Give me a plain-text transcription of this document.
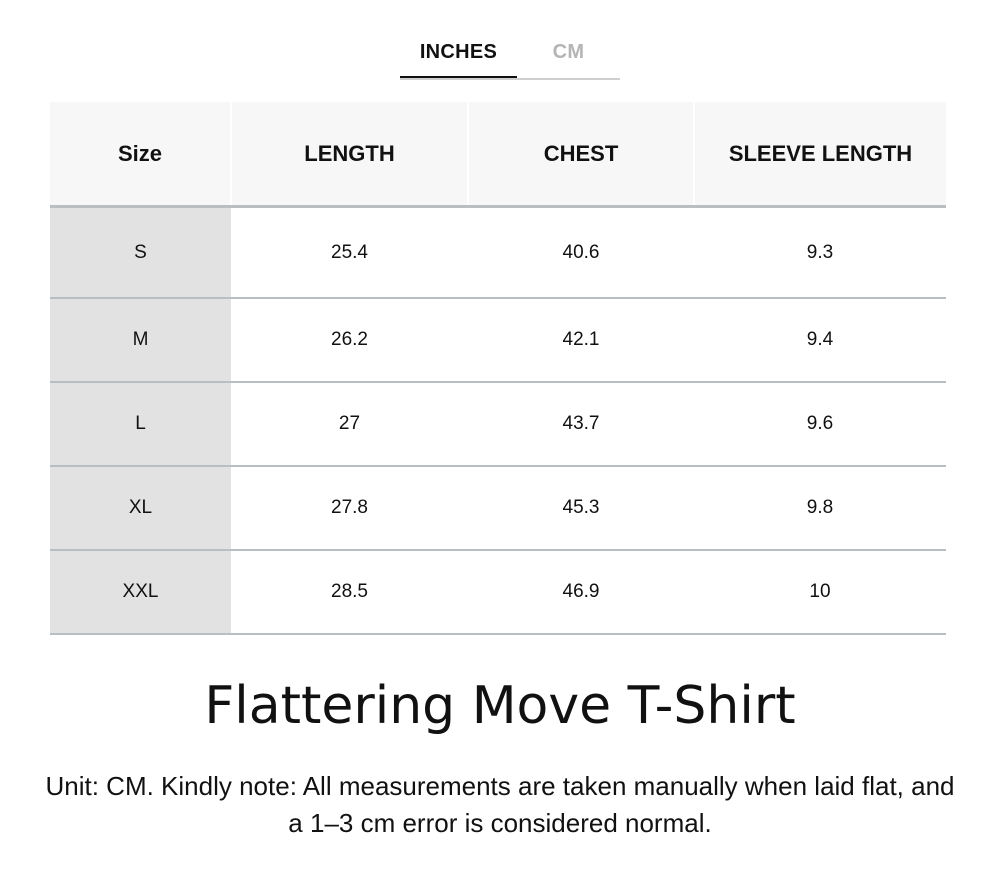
INCHES	CM
Size	LENGTH	CHEST	SLEEVE LENGTH
S	25.4	40.6	9.3
M	26.2	42.1	9.4
L	27	43.7	9.6
XL	27.8	45.3	9.8
XXL	28.5	46.9	10
Flattering Move T-Shirt

Unit: CM. Kindly note: All measurements are taken manually when laid flat, and a 1–3 cm error is considered normal.
